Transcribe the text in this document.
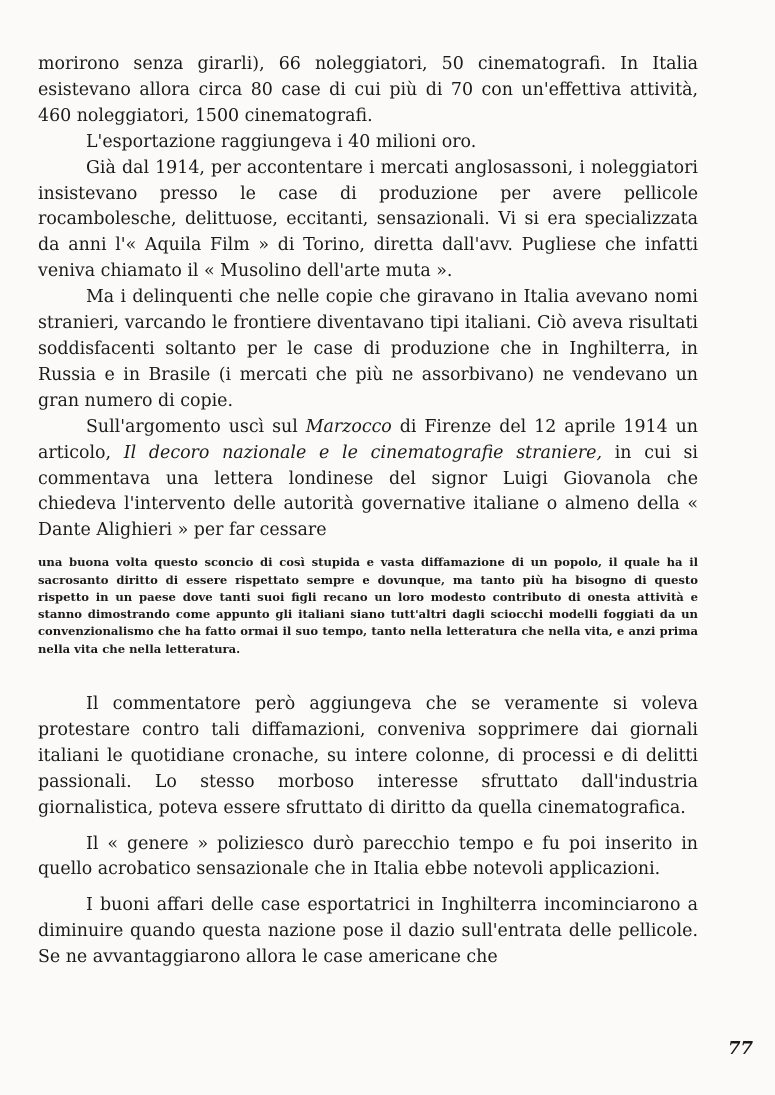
morirono senza girarli), 66 noleggiatori, 50 cinematografi. In Italia esistevano allora circa 80 case di cui più di 70 con un'effettiva attività, 460 noleggiatori, 1500 cinematografi.

L'esportazione raggiungeva i 40 milioni oro.

Già dal 1914, per accontentare i mercati anglosassoni, i noleggiatori insistevano presso le case di produzione per avere pellicole rocambolesche, delittuose, eccitanti, sensazionali. Vi si era specializzata da anni l'« Aquila Film » di Torino, diretta dall'avv. Pugliese che infatti veniva chiamato il « Musolino dell'arte muta ».

Ma i delinquenti che nelle copie che giravano in Italia avevano nomi stranieri, varcando le frontiere diventavano tipi italiani. Ciò aveva risultati soddisfacenti soltanto per le case di produzione che in Inghilterra, in Russia e in Brasile (i mercati che più ne assorbivano) ne vendevano un gran numero di copie.

Sull'argomento uscì sul Marzocco di Firenze del 12 aprile 1914 un articolo, Il decoro nazionale e le cinematografie straniere, in cui si commentava una lettera londinese del signor Luigi Giovanola che chiedeva l'intervento delle autorità governative italiane o almeno della « Dante Alighieri » per far cessare

una buona volta questo sconcio di così stupida e vasta diffamazione di un popolo, il quale ha il sacrosanto diritto di essere rispettato sempre e dovunque, ma tanto più ha bisogno di questo rispetto in un paese dove tanti suoi figli recano un loro modesto contributo di onesta attività e stanno dimostrando come appunto gli italiani siano tutt'altri dagli sciocchi modelli foggiati da un convenzionalismo che ha fatto ormai il suo tempo, tanto nella letteratura che nella vita, e anzi prima nella vita che nella letteratura.

Il commentatore però aggiungeva che se veramente si voleva protestare contro tali diffamazioni, conveniva sopprimere dai giornali italiani le quotidiane cronache, su intere colonne, di processi e di delitti passionali. Lo stesso morboso interesse sfruttato dall'industria giornalistica, poteva essere sfruttato di diritto da quella cinematografica.

Il « genere » poliziesco durò parecchio tempo e fu poi inserito in quello acrobatico sensazionale che in Italia ebbe notevoli applicazioni.

I buoni affari delle case esportatrici in Inghilterra incominciarono a diminuire quando questa nazione pose il dazio sull'entrata delle pellicole. Se ne avvantaggiarono allora le case americane che

77
